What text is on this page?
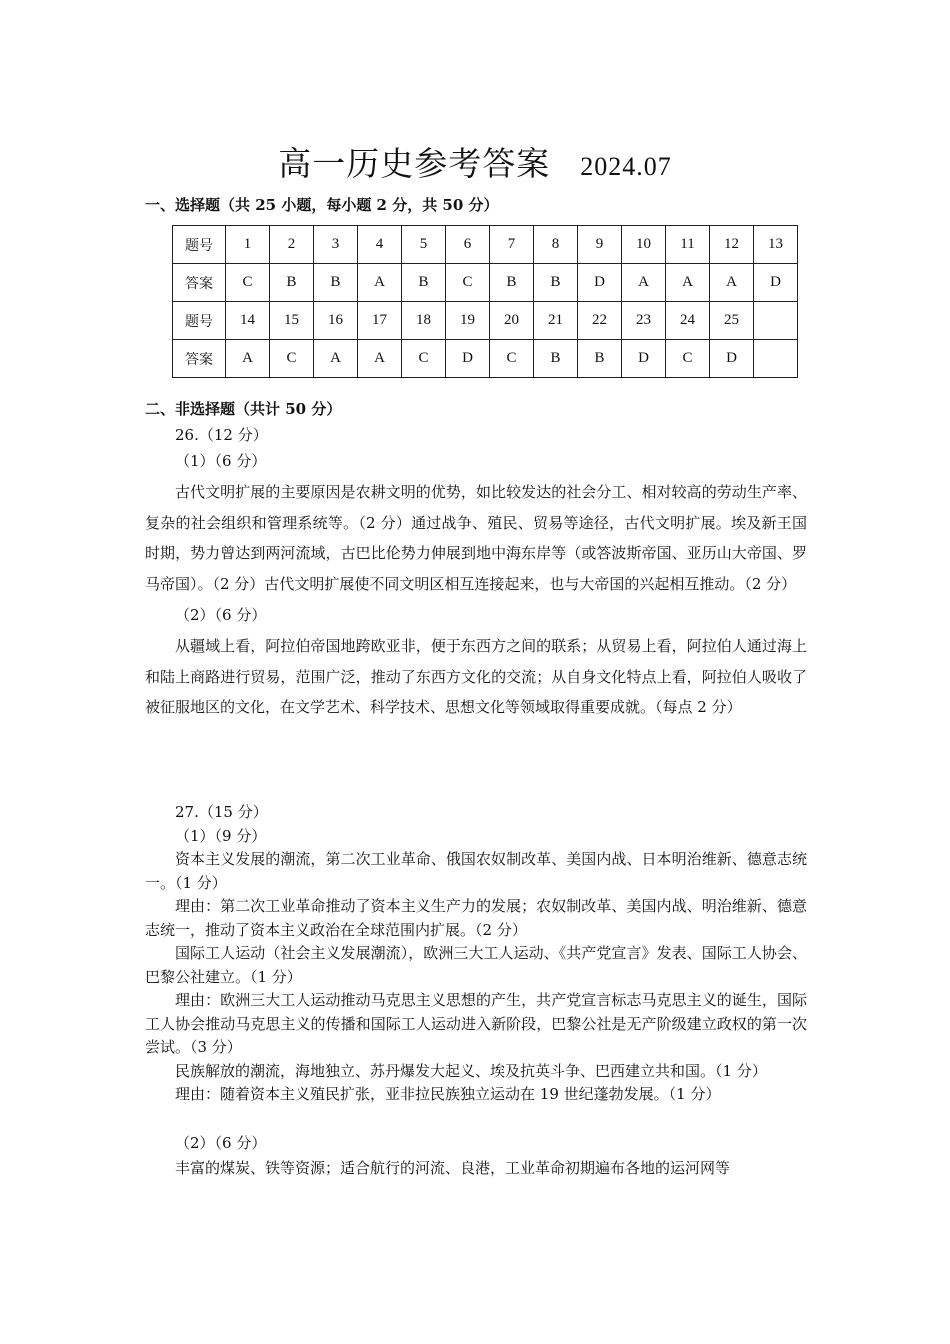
高一历史参考答案 2024.07
一、选择题（共 25 小题，每小题 2 分，共 50 分）
题号	1	2	3	4	5	6	7	8	9	10	11	12	13
答案	C	B	B	A	B	C	B	B	D	A	A	A	D
题号	14	15	16	17	18	19	20	21	22	23	24	25	
答案	A	C	A	A	C	D	C	B	B	D	C	D	
二、非选择题（共计 50 分）

26.（12 分）

（1）（6 分）

古代文明扩展的主要原因是农耕文明的优势，如比较发达的社会分工、相对较高的劳动生产率、复杂的社会组织和管理系统等。（2 分）通过战争、殖民、贸易等途径，古代文明扩展。埃及新王国时期，势力曾达到两河流域，古巴比伦势力伸展到地中海东岸等（或答波斯帝国、亚历山大帝国、罗马帝国）。（2 分）古代文明扩展使不同文明区相互连接起来，也与大帝国的兴起相互推动。（2 分）

（2）（6 分）

从疆域上看，阿拉伯帝国地跨欧亚非，便于东西方之间的联系；从贸易上看，阿拉伯人通过海上和陆上商路进行贸易，范围广泛，推动了东西方文化的交流；从自身文化特点上看，阿拉伯人吸收了被征服地区的文化，在文学艺术、科学技术、思想文化等领域取得重要成就。（每点 2 分）

27.（15 分）

（1）（9 分）

资本主义发展的潮流，第二次工业革命、俄国农奴制改革、美国内战、日本明治维新、德意志统一。（1 分）

理由：第二次工业革命推动了资本主义生产力的发展；农奴制改革、美国内战、明治维新、德意志统一，推动了资本主义政治在全球范围内扩展。（2 分）

国际工人运动（社会主义发展潮流），欧洲三大工人运动、《共产党宣言》发表、国际工人协会、巴黎公社建立。（1 分）

理由：欧洲三大工人运动推动马克思主义思想的产生，共产党宣言标志马克思主义的诞生，国际工人协会推动马克思主义的传播和国际工人运动进入新阶段，巴黎公社是无产阶级建立政权的第一次尝试。（3 分）

民族解放的潮流，海地独立、苏丹爆发大起义、埃及抗英斗争、巴西建立共和国。（1 分）

理由：随着资本主义殖民扩张，亚非拉民族独立运动在 19 世纪蓬勃发展。（1 分）

（2）（6 分）

丰富的煤炭、铁等资源；适合航行的河流、良港，工业革命初期遍布各地的运河网等
